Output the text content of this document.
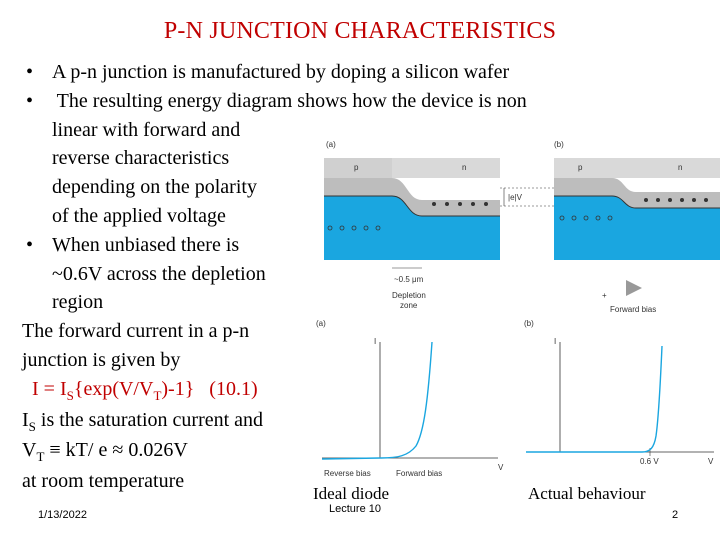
P-N JUNCTION CHARACTERISTICS
• A p-n junction is manufactured by doping a silicon wafer
• The resulting energy diagram shows how the device is non
linear with forward and
reverse characteristics
depending on the polarity
of the applied voltage
• When unbiased there is
~0.6V across the depletion
region
The forward current in a p-n
junction is given by
$I = I_S\{\exp(V/V_T)-1\}$   (10.1)
$I_S$ is the saturation current and
$V_T \equiv kT/$ e ≈ 0.026V
at room temperature
(a)	(b)
p	n
|e|V
p	n
~0.5 μm
Depletion
zone
+
Forward bias
(a)	(b)
I
V
Reverse bias	Forward bias
I
V
0.6 V
Ideal diode	Actual behaviour
1/13/2022	Lecture 10	2
